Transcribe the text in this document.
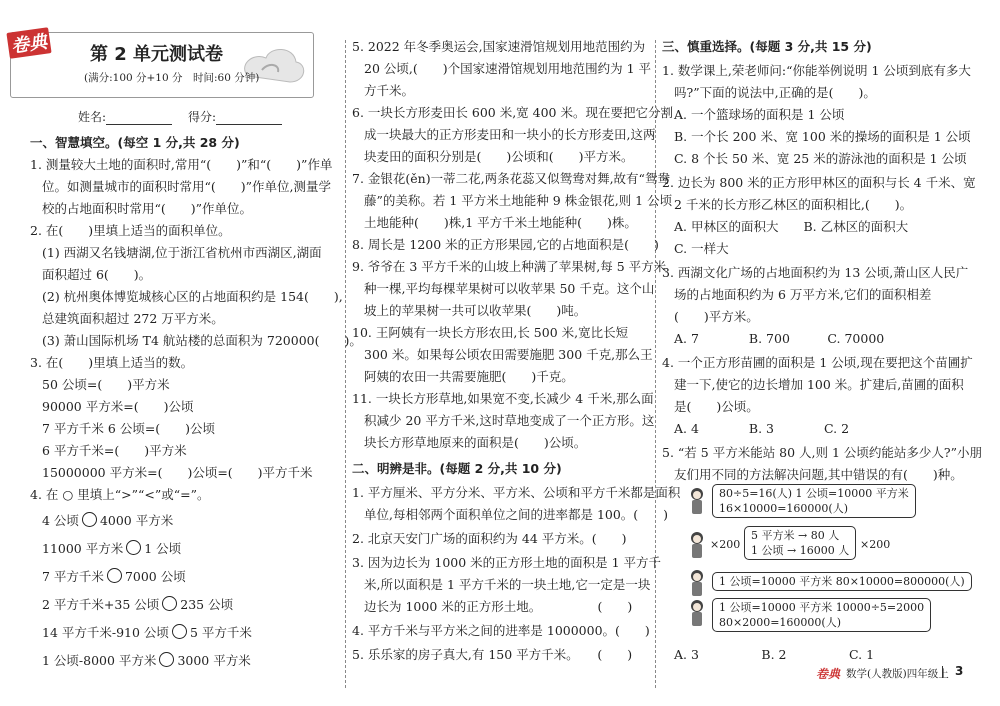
卷典 第 2 单元测试卷
(满分:100 分+10 分　时间:60 分钟)
姓名:	得分:
一、智慧填空。(每空 1 分,共 28 分)
1. 测量较大土地的面积时,常用“(　　)”和“(　　)”作单
位。如测量城市的面积时常用“(　　)”作单位,测量学
校的占地面积时常用“(　　)”作单位。
2. 在(　　)里填上适当的面积单位。
(1) 西湖又名钱塘湖,位于浙江省杭州市西湖区,湖面
面积超过 6(　　)。
(2) 杭州奥体博览城核心区的占地面积约是 154(　　),
总建筑面积超过 272 万平方米。
(3) 萧山国际机场 T4 航站楼的总面积为 720000(　　)。
3. 在(　　)里填上适当的数。
50 公顷=(　　)平方米
90000 平方米=(　　)公顷
7 平方千米 6 公顷=(　　)公顷
6 平方千米=(　　)平方米
15000000 平方米=(　　)公顷=(　　)平方千米
4. 在 ○ 里填上“>”“<”或“=”。
4 公顷 4000 平方米
11000 平方米 1 公顷
7 平方千米 7000 公顷
2 平方千米+35 公顷 235 公顷
14 平方千米-910 公顷 5 平方千米
1 公顷-8000 平方米 3000 平方米
5. 2022 年冬季奥运会,国家速滑馆规划用地范围约为
20 公顷,(　　)个国家速滑馆规划用地范围约为 1 平
方千米。
6. 一块长方形麦田长 600 米,宽 400 米。现在要把它分割
成一块最大的正方形麦田和一块小的长方形麦田,这两
块麦田的面积分别是(　　)公顷和(　　)平方米。
7. 金银花(ěn)一蒂二花,两条花蕊又似鸳鸯对舞,故有“鸳鸯
藤”的美称。若 1 平方米土地能种 9 株金银花,则 1 公顷
土地能种(　　)株,1 平方千米土地能种(　　)株。
8. 周长是 1200 米的正方形果园,它的占地面积是(　　)
9. 爷爷在 3 平方千米的山坡上种满了苹果树,每 5 平方米
种一棵,平均每棵苹果树可以收苹果 50 千克。这个山
坡上的苹果树一共可以收苹果(　　)吨。
10. 王阿姨有一块长方形农田,长 500 米,宽比长短
300 米。如果每公顷农田需要施肥 300 千克,那么王
阿姨的农田一共需要施肥(　　)千克。
11. 一块长方形草地,如果宽不变,长减少 4 千米,那么面
积减少 20 平方千米,这时草地变成了一个正方形。这
块长方形草地原来的面积是(　　)公顷。
二、明辨是非。(每题 2 分,共 10 分)
1. 平方厘米、平方分米、平方米、公顷和平方千米都是面积
单位,每相邻两个面积单位之间的进率都是 100。(　　)
2. 北京天安门广场的面积约为 44 平方米。(　　)
3. 因为边长为 1000 米的正方形土地的面积是 1 平方千
米,所以面积是 1 平方千米的一块土地,它一定是一块
边长为 1000 米的正方形土地。　　　　　(　　)
4. 平方千米与平方米之间的进率是 1000000。(　　)
5. 乐乐家的房子真大,有 150 平方千米。　　(　　)
三、慎重选择。(每题 3 分,共 15 分)
1. 数学课上,荣老师问:“你能举例说明 1 公顷到底有多大
吗?”下面的说法中,正确的是(　　)。
A. 一个篮球场的面积是 1 公顷
B. 一个长 200 米、宽 100 米的操场的面积是 1 公顷
C. 8 个长 50 米、宽 25 米的游泳池的面积是 1 公顷
2. 边长为 800 米的正方形甲林区的面积与长 4 千米、宽
2 千米的长方形乙林区的面积相比,(　　)。
A. 甲林区的面积大　　B. 乙林区的面积大
C. 一样大
3. 西湖文化广场的占地面积约为 13 公顷,萧山区人民广
场的占地面积约为 6 万平方米,它们的面积相差
(　　)平方米。
A. 7　　　　B. 700　　　C. 70000
4. 一个正方形苗圃的面积是 1 公顷,现在要把这个苗圃扩
建一下,使它的边长增加 100 米。扩建后,苗圃的面积
是(　　)公顷。
A. 4　　　　B. 3　　　　C. 2
5. “若 5 平方米能站 80 人,则 1 公顷约能站多少人?”小朋
友们用不同的方法解决问题,其中错误的有(　　)种。
80÷5=16(人) 1 公顷=10000 平方米
16×10000=160000(人)
×200
5 平方米 → 80 人
1 公顷 → 16000 人 ×200
1 公顷=10000 平方米 80×10000=800000(人)
1 公顷=10000 平方米 10000÷5=2000
80×2000=160000(人)
A. 3　　　　　B. 2　　　　　C. 1
卷典 数学(人教版)四年级上 3
